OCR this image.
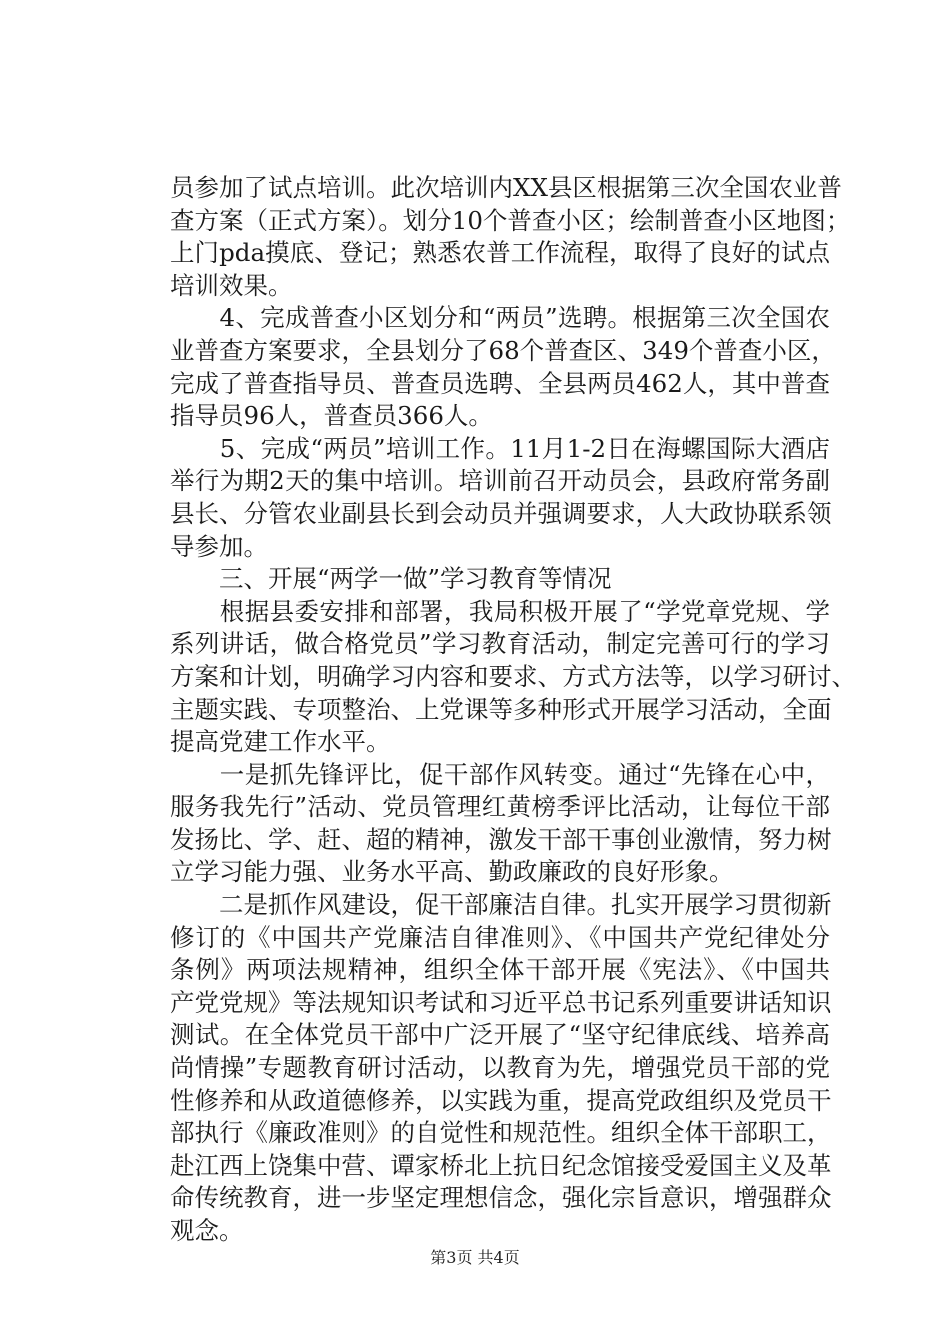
员参加了试点培训。此次培训内XX县区根据第三次全国农业普
查方案（正式方案）。划分10个普查小区；绘制普查小区地图；
上门pda摸底、登记；熟悉农普工作流程，取得了良好的试点
培训效果。
　　4、完成普查小区划分和“两员”选聘。根据第三次全国农
业普查方案要求，全县划分了68个普查区、349个普查小区，
完成了普查指导员、普查员选聘、全县两员462人，其中普查
指导员96人，普查员366人。
　　5、完成“两员”培训工作。11月1-2日在海螺国际大酒店
举行为期2天的集中培训。培训前召开动员会，县政府常务副
县长、分管农业副县长到会动员并强调要求，人大政协联系领
导参加。
　　三、开展“两学一做”学习教育等情况
　　根据县委安排和部署，我局积极开展了“学党章党规、学
系列讲话，做合格党员”学习教育活动，制定完善可行的学习
方案和计划，明确学习内容和要求、方式方法等，以学习研讨、
主题实践、专项整治、上党课等多种形式开展学习活动，全面
提高党建工作水平。
　　一是抓先锋评比，促干部作风转变。通过“先锋在心中，
服务我先行”活动、党员管理红黄榜季评比活动，让每位干部
发扬比、学、赶、超的精神，激发干部干事创业激情，努力树
立学习能力强、业务水平高、勤政廉政的良好形象。
　　二是抓作风建设，促干部廉洁自律。扎实开展学习贯彻新
修订的《中国共产党廉洁自律准则》、《中国共产党纪律处分
条例》两项法规精神，组织全体干部开展《宪法》、《中国共
产党党规》等法规知识考试和习近平总书记系列重要讲话知识
测试。在全体党员干部中广泛开展了“坚守纪律底线、培养高
尚情操”专题教育研讨活动，以教育为先，增强党员干部的党
性修养和从政道德修养，以实践为重，提高党政组织及党员干
部执行《廉政准则》的自觉性和规范性。组织全体干部职工，
赴江西上饶集中营、谭家桥北上抗日纪念馆接受爱国主义及革
命传统教育，进一步坚定理想信念，强化宗旨意识，增强群众
观念。
第3页 共4页
